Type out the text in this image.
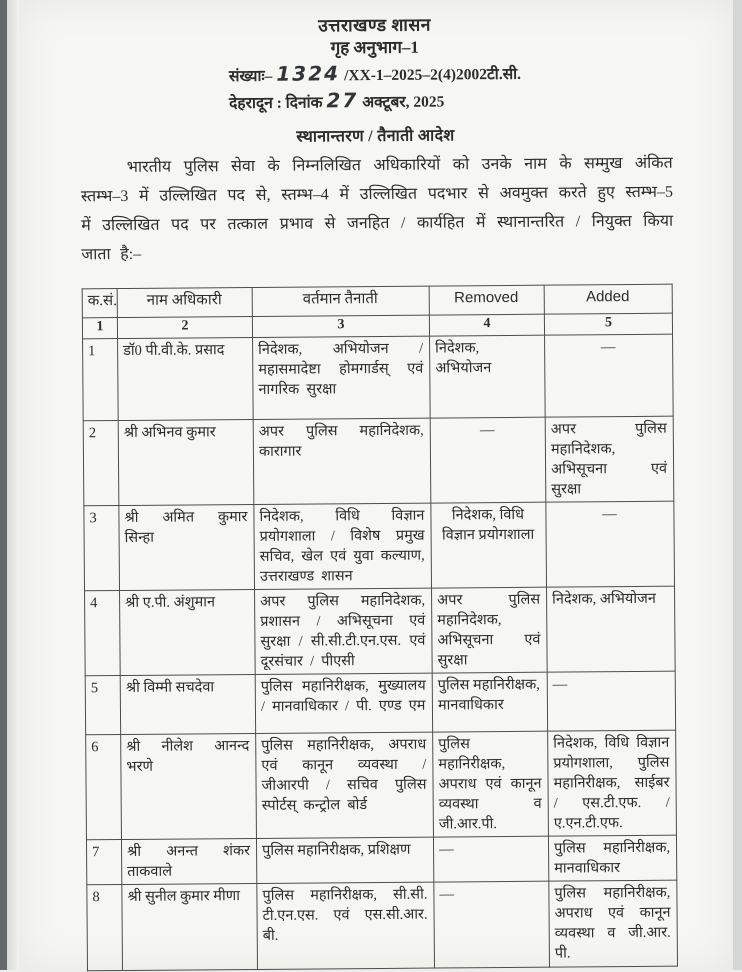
उत्तराखण्ड शासन
गृह अनुभाग–1
संख्याः– 1324 /XX-1–2025–2(4)2002टी.सी.
देहरादून : दिनांक 27 अक्टूबर, 2025
स्थानान्तरण / तैनाती आदेश
भारतीय पुलिस सेवा के निम्नलिखित अधिकारियों को उनके नाम के सम्मुख अंकित स्तम्भ–3 में उल्लिखित पद से, स्तम्भ–4 में उल्लिखित पदभार से अवमुक्त करते हुए स्तम्भ–5 में उल्लिखित पद पर तत्काल प्रभाव से जनहित / कार्यहित में स्थानान्तरित / नियुक्त किया जाता है:–
क.सं.	नाम अधिकारी	वर्तमान तैनाती	Removed	Added
1	2	3	4	5
1	डॉ0 पी.वी.के. प्रसाद	निदेशक, अभियोजन / महासमादेष्टा होमगार्डस् एवं नागरिक सुरक्षा	निदेशक, अभियोजन	—
2	श्री अभिनव कुमार	अपर पुलिस महानिदेशक, कारागार	—	अपर पुलिस महानिदेशक, अभिसूचना एवं सुरक्षा
3	श्री अमित कुमार सिन्हा	निदेशक, विधि विज्ञान प्रयोगशाला / विशेष प्रमुख सचिव, खेल एवं युवा कल्याण, उत्तराखण्ड शासन	निदेशक, विधि विज्ञान प्रयोगशाला	—
4	श्री ए.पी. अंशुमान	अपर पुलिस महानिदेशक, प्रशासन / अभिसूचना एवं सुरक्षा / सी.सी.टी.एन.एस. एवं दूरसंचार / पीएसी	अपर पुलिस महानिदेशक, अभिसूचना एवं सुरक्षा	निदेशक, अभियोजन
5	श्री विम्मी सचदेवा	पुलिस महानिरीक्षक, मुख्यालय / मानवाधिकार / पी. एण्ड एम	पुलिस महानिरीक्षक, मानवाधिकार	—
6	श्री नीलेश आनन्द भरणे	पुलिस महानिरीक्षक, अपराध एवं कानून व्यवस्था / जीआरपी / सचिव पुलिस स्पोर्टस् कन्ट्रोल बोर्ड	पुलिस महानिरीक्षक, अपराध एवं कानून व्यवस्था व जी.आर.पी.	निदेशक, विधि विज्ञान प्रयोगशाला, पुलिस महानिरीक्षक, साईबर / एस.टी.एफ. / ए.एन.टी.एफ.
7	श्री अनन्त शंकर ताकवाले	पुलिस महानिरीक्षक, प्रशिक्षण	—	पुलिस महानिरीक्षक, मानवाधिकार
8	श्री सुनील कुमार मीणा	पुलिस महानिरीक्षक, सी.सी. टी.एन.एस. एवं एस.सी.आर. बी.	—	पुलिस महानिरीक्षक, अपराध एवं कानून व्यवस्था व जी.आर. पी.
